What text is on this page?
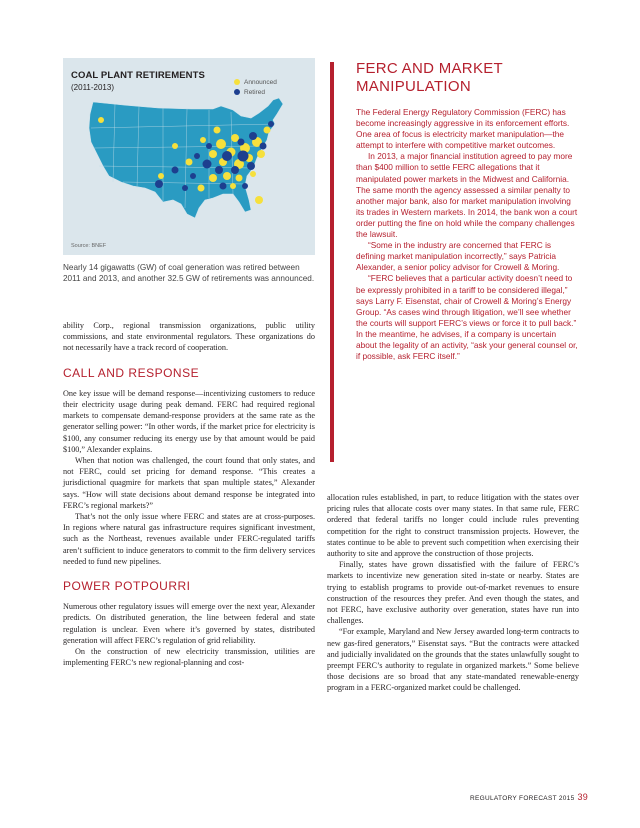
COAL PLANT RETIREMENTS
(2011-2013)
Announced
Retired
Source: BNEF
Nearly 14 gigawatts (GW) of coal generation was retired between 2011 and 2013, and another 32.5 GW of retirements was announced.
FERC AND MARKET MANIPULATION

The Federal Energy Regulatory Commission (FERC) has become increasingly aggressive in its enforcement efforts. One area of focus is electricity market manipulation—the attempt to interfere with competitive market outcomes.

In 2013, a major financial institution agreed to pay more than $400 million to settle FERC allegations that it manipulated power markets in the Midwest and California. The same month the agency assessed a similar penalty to another major bank, also for market manipulation involving its trades in Western markets. In 2014, the bank won a court order putting the fine on hold while the company challenges the lawsuit.

“Some in the industry are concerned that FERC is defining market manipulation incorrectly,” says Patricia Alexander, a senior policy advisor for Crowell & Moring.

“FERC believes that a particular activity doesn’t need to be expressly prohibited in a tariff to be considered illegal,” says Larry F. Eisenstat, chair of Crowell & Moring’s Energy Group. “As cases wind through litigation, we’ll see whether the courts will support FERC’s views or force it to pull back.” In the meantime, he advises, if a company is uncertain about the legality of an activity, “ask your general counsel or, if possible, ask FERC itself.”

ability Corp., regional transmission organizations, public utility commissions, and state environmental regulators. These organizations do not necessarily have a track record of cooperation.

CALL AND RESPONSE

One key issue will be demand response—incentivizing customers to reduce their electricity usage during peak demand. FERC had required regional markets to compensate demand-response providers at the same rate as the generator selling power: “In other words, if the market price for electricity is $100, any consumer reducing its energy use by that amount would be paid $100,” Alexander explains.

When that notion was challenged, the court found that only states, and not FERC, could set pricing for demand response. “This creates a jurisdictional quagmire for markets that span multiple states,” Alexander says. “How will state decisions about demand response be integrated into FERC’s regional markets?”

That’s not the only issue where FERC and states are at cross-purposes. In regions where natural gas infrastructure requires significant investment, such as the Northeast, revenues available under FERC-regulated tariffs aren’t sufficient to induce generators to commit to the firm delivery services needed to fund new pipelines.

POWER POTPOURRI

Numerous other regulatory issues will emerge over the next year, Alexander predicts. On distributed generation, the line between federal and state regulation is unclear. Even where it’s governed by states, distributed generation will affect FERC’s regulation of grid reliability.

On the construction of new electricity transmission, utilities are implementing FERC’s new regional-planning and cost-

allocation rules established, in part, to reduce litigation with the states over pricing rules that allocate costs over many states. In that same rule, FERC ordered that federal tariffs no longer could include rules preventing competition for the right to construct transmission projects. However, the states continue to be able to prevent such competition when exercising their authority to site and approve the construction of those projects.

Finally, states have grown dissatisfied with the failure of FERC’s markets to incentivize new generation sited in-state or nearby. States are trying to establish programs to provide out-of-market revenues to ensure construction of the resources they prefer. And even though the states, and not FERC, have exclusive authority over generation, states have run into challenges.

“For example, Maryland and New Jersey awarded long-term contracts to new gas-fired generators,” Eisenstat says. “But the contracts were attacked and judicially invalidated on the grounds that the states unlawfully sought to preempt FERC’s authority to regulate in organized markets.” Some believe those decisions are so broad that any state-mandated renewable-energy program in a FERC-organized market could be challenged.

REGULATORY FORECAST 2015 39
